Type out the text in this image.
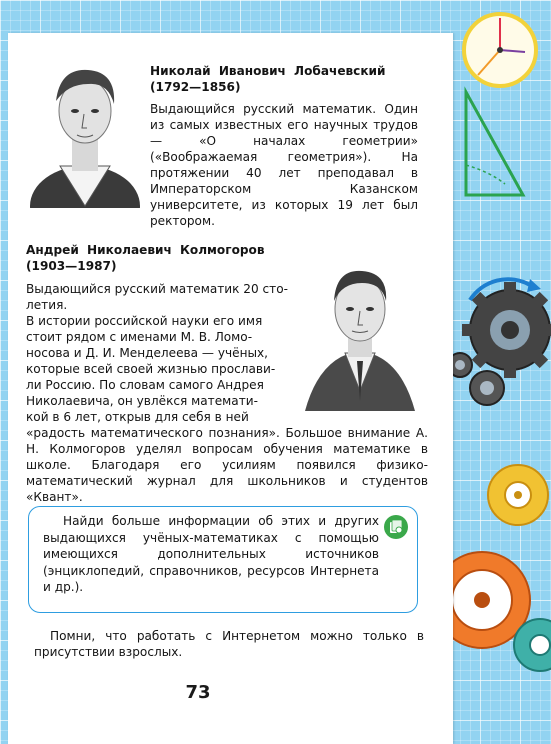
Николай Иванович Лобачевский

(1792—1856)

Выдающийся русский математик. Один из самых известных его научных трудов — «О началах геометрии» («Воображаемая геометрия»). На протяжении 40 лет преподавал в Императорском Казанском университете, из которых 19 лет был ректором.

Андрей Николаевич Колмогоров

(1903—1987)

Выдающийся русский математик 20 сто-
летия.
В истории российской науки его имя
стоит рядом с именами М. В. Ломо-
носова и Д. И. Менделеева — учёных,
которые всей своей жизнью прослави-
ли Россию. По словам самого Андрея
Николаевича, он увлёкся математи-
кой в 6 лет, открыв для себя в ней
«радость математического познания». Большое внимание А. Н. Колмогоров уделял вопросам обучения математике в школе. Благодаря его усилиям появился физико-математический журнал для школьников и студентов «Квант».
Найди больше информации об этих и других выдающихся учёных-математиках с помощью имеющихся дополнительных источников (энциклопедий, справочников, ресурсов Интернета и др.).
Помни, что работать с Интернетом можно только в присутствии взрослых.
73
